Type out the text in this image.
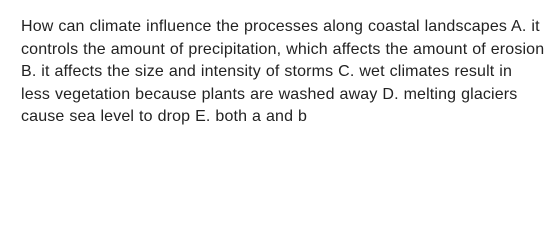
How can climate influence the processes along coastal landscapes A. it controls the amount of precipitation, which affects the amount of erosion B. it affects the size and intensity of storms C. wet climates result in less vegetation because plants are washed away D. melting glaciers cause sea level to drop E. both a and b
